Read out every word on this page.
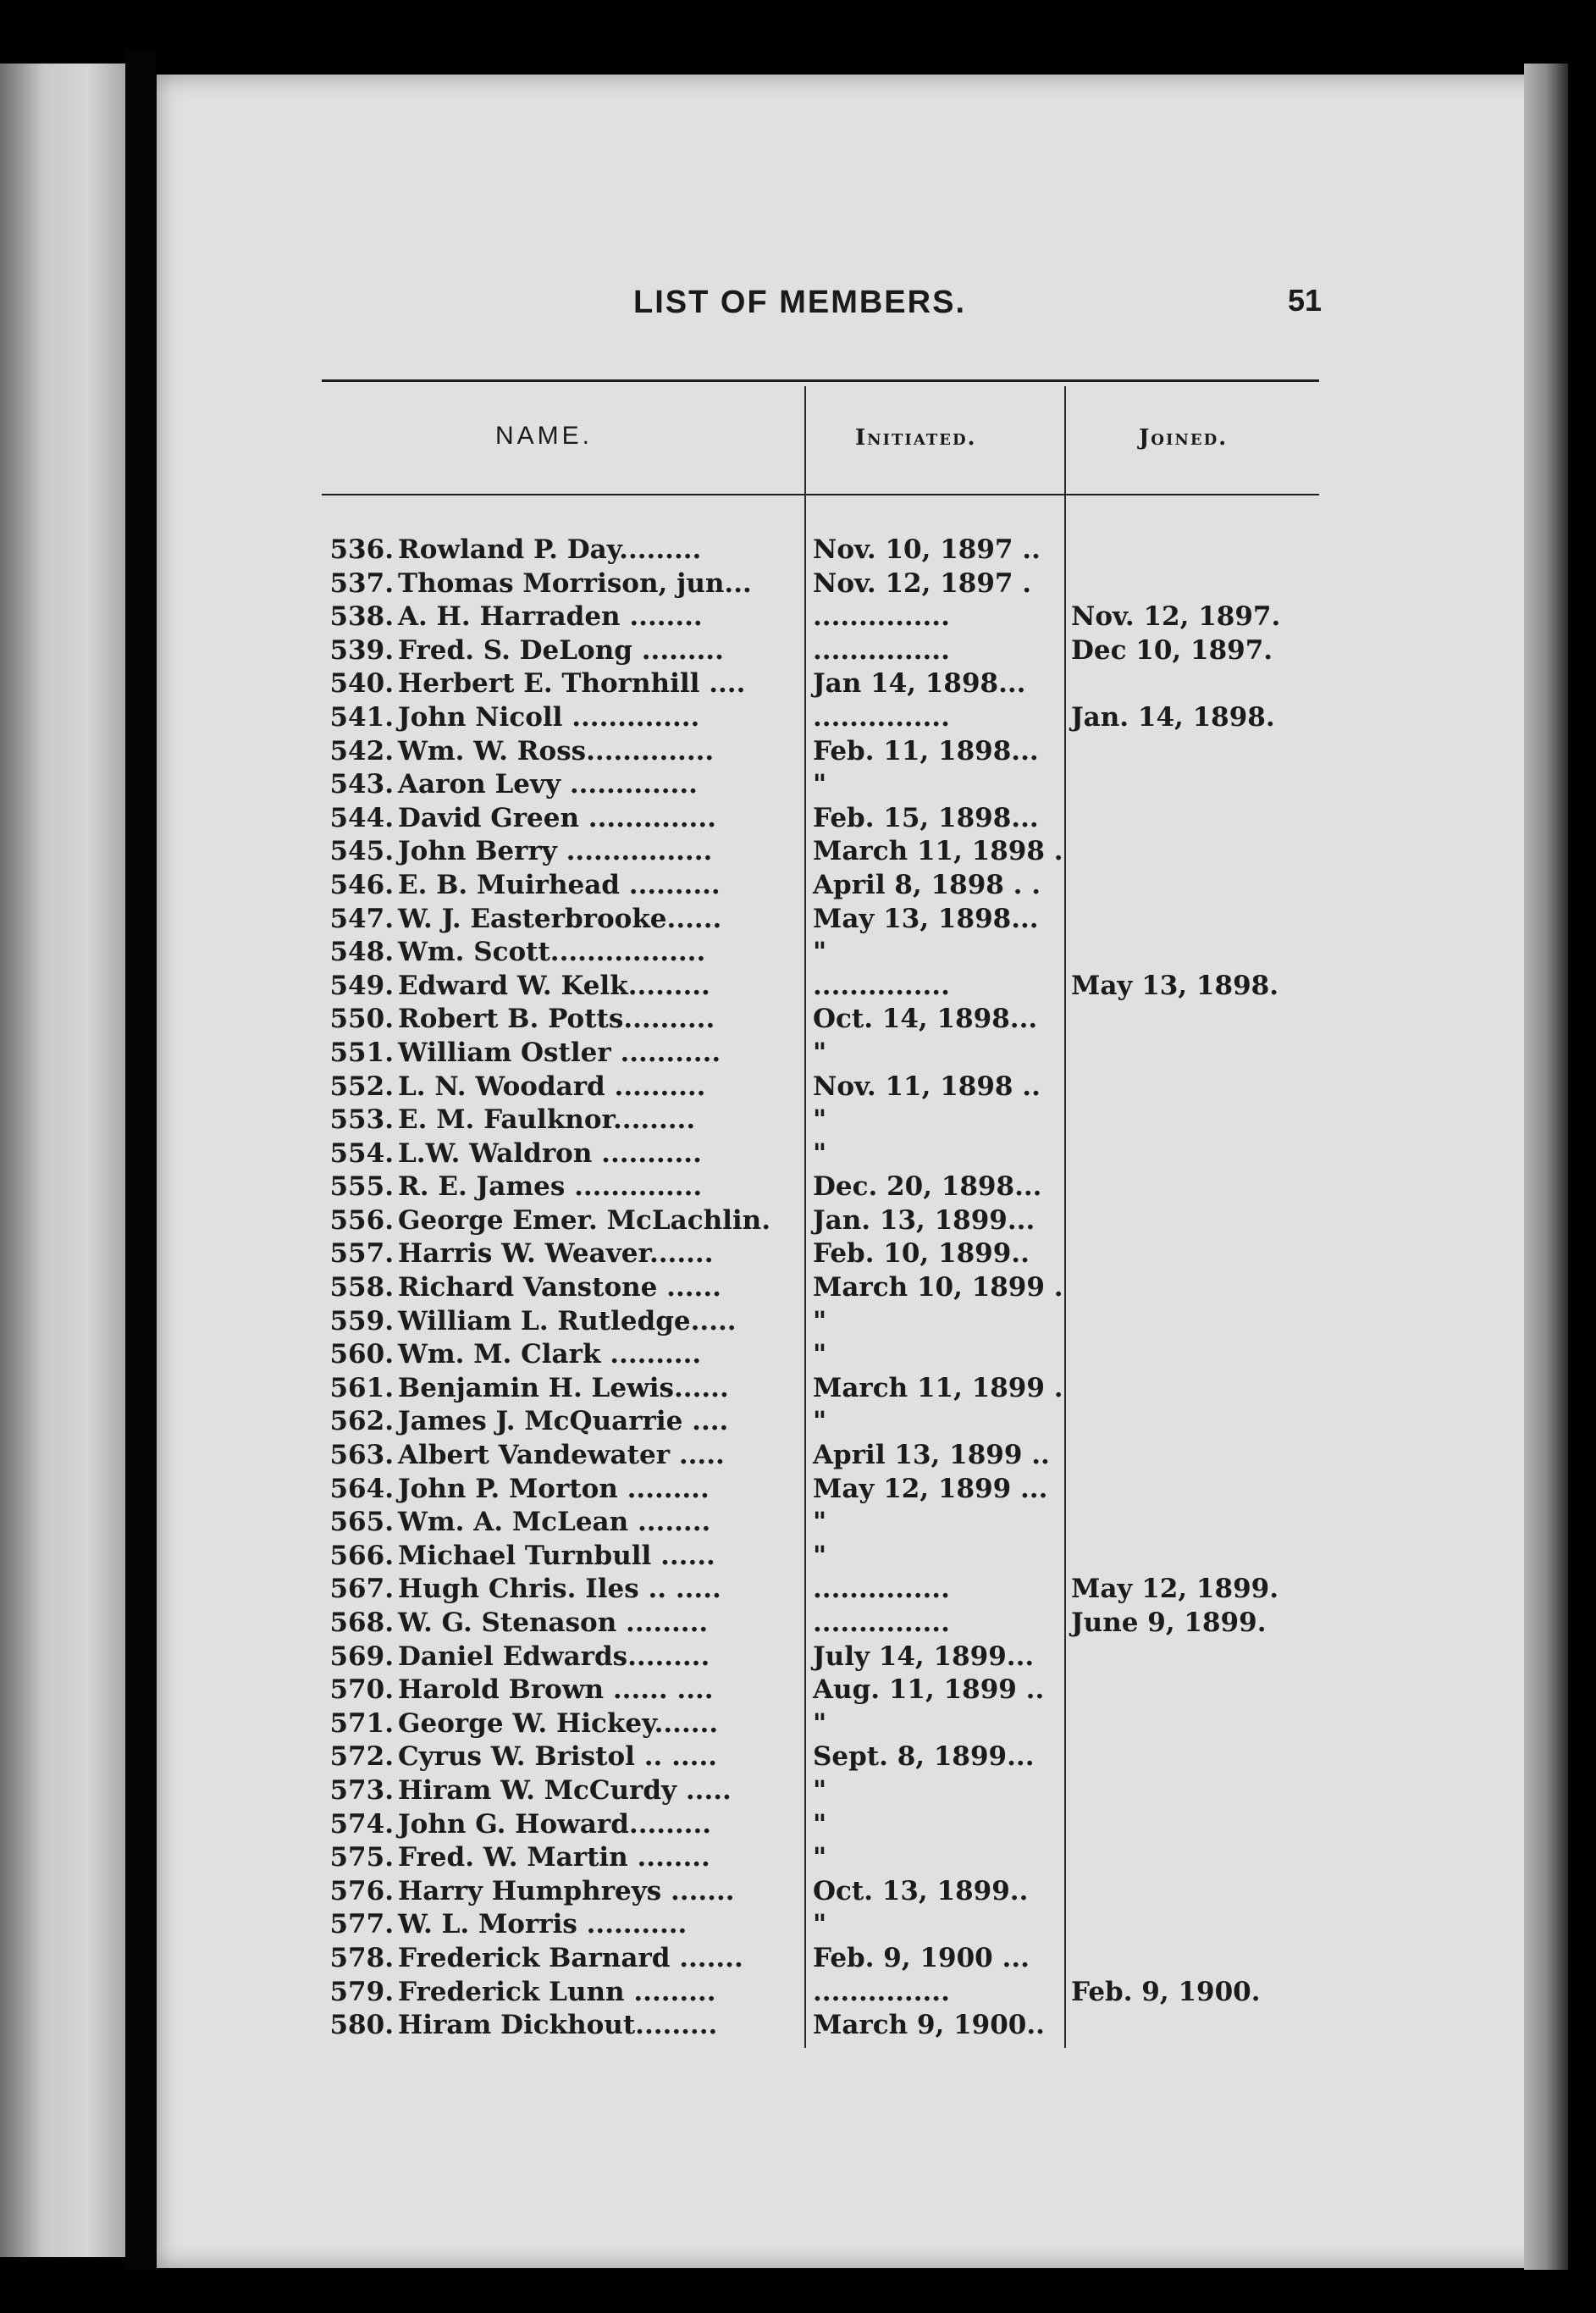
LIST OF MEMBERS.	51
NAME.	Initiated.	Joined.
536. Rowland P. Day.........	Nov. 10, 1897 ..
537. Thomas Morrison, jun... Nov. 12, 1897 .
538. A. H. Harraden ........	...............	Nov. 12, 1897.
539. Fred. S. DeLong .........	...............	Dec 10, 1897.
540. Herbert E. Thornhill ....	Jan 14, 1898...
541. John Nicoll ..............	...............	Jan. 14, 1898.
542. Wm. W. Ross..............	Feb. 11, 1898...
543. Aaron Levy ..............	"
544. David Green ..............	Feb. 15, 1898...
545. John Berry ................	March 11, 1898 .
546. E. B. Muirhead ..........	April 8, 1898 . .
547. W. J. Easterbrooke......	May 13, 1898...
548. Wm. Scott.................	"
549. Edward W. Kelk.........	...............	May 13, 1898.
550. Robert B. Potts..........	Oct. 14, 1898...
551. William Ostler ...........	"
552. L. N. Woodard ..........	Nov. 11, 1898 ..
553. E. M. Faulknor.........	"
554. L.W. Waldron ...........	"
555. R. E. James ..............	Dec. 20, 1898...
556. George Emer. McLachlin. Jan. 13, 1899...
557. Harris W. Weaver.......	Feb. 10, 1899..
558. Richard Vanstone ......	March 10, 1899 .
559. William L. Rutledge.....	"
560. Wm. M. Clark ..........	"
561. Benjamin H. Lewis......	March 11, 1899 .
562. James J. McQuarrie ....	"
563. Albert Vandewater .....	April 13, 1899 ..
564. John P. Morton .........	May 12, 1899 ...
565. Wm. A. McLean ........	"
566. Michael Turnbull ......	"
567. Hugh Chris. Iles .. .....	...............	May 12, 1899.
568. W. G. Stenason .........	...............	June 9, 1899.
569. Daniel Edwards.........	July 14, 1899...
570. Harold Brown ...... ....	Aug. 11, 1899 ..
571. George W. Hickey.......	"
572. Cyrus W. Bristol .. .....	Sept. 8, 1899...
573. Hiram W. McCurdy .....	"
574. John G. Howard.........	"
575. Fred. W. Martin ........	"
576. Harry Humphreys .......	Oct. 13, 1899..
577. W. L. Morris ...........	"
578. Frederick Barnard .......	Feb. 9, 1900 ...
579. Frederick Lunn .........	...............	Feb. 9, 1900.
580. Hiram Dickhout.........	March 9, 1900..
